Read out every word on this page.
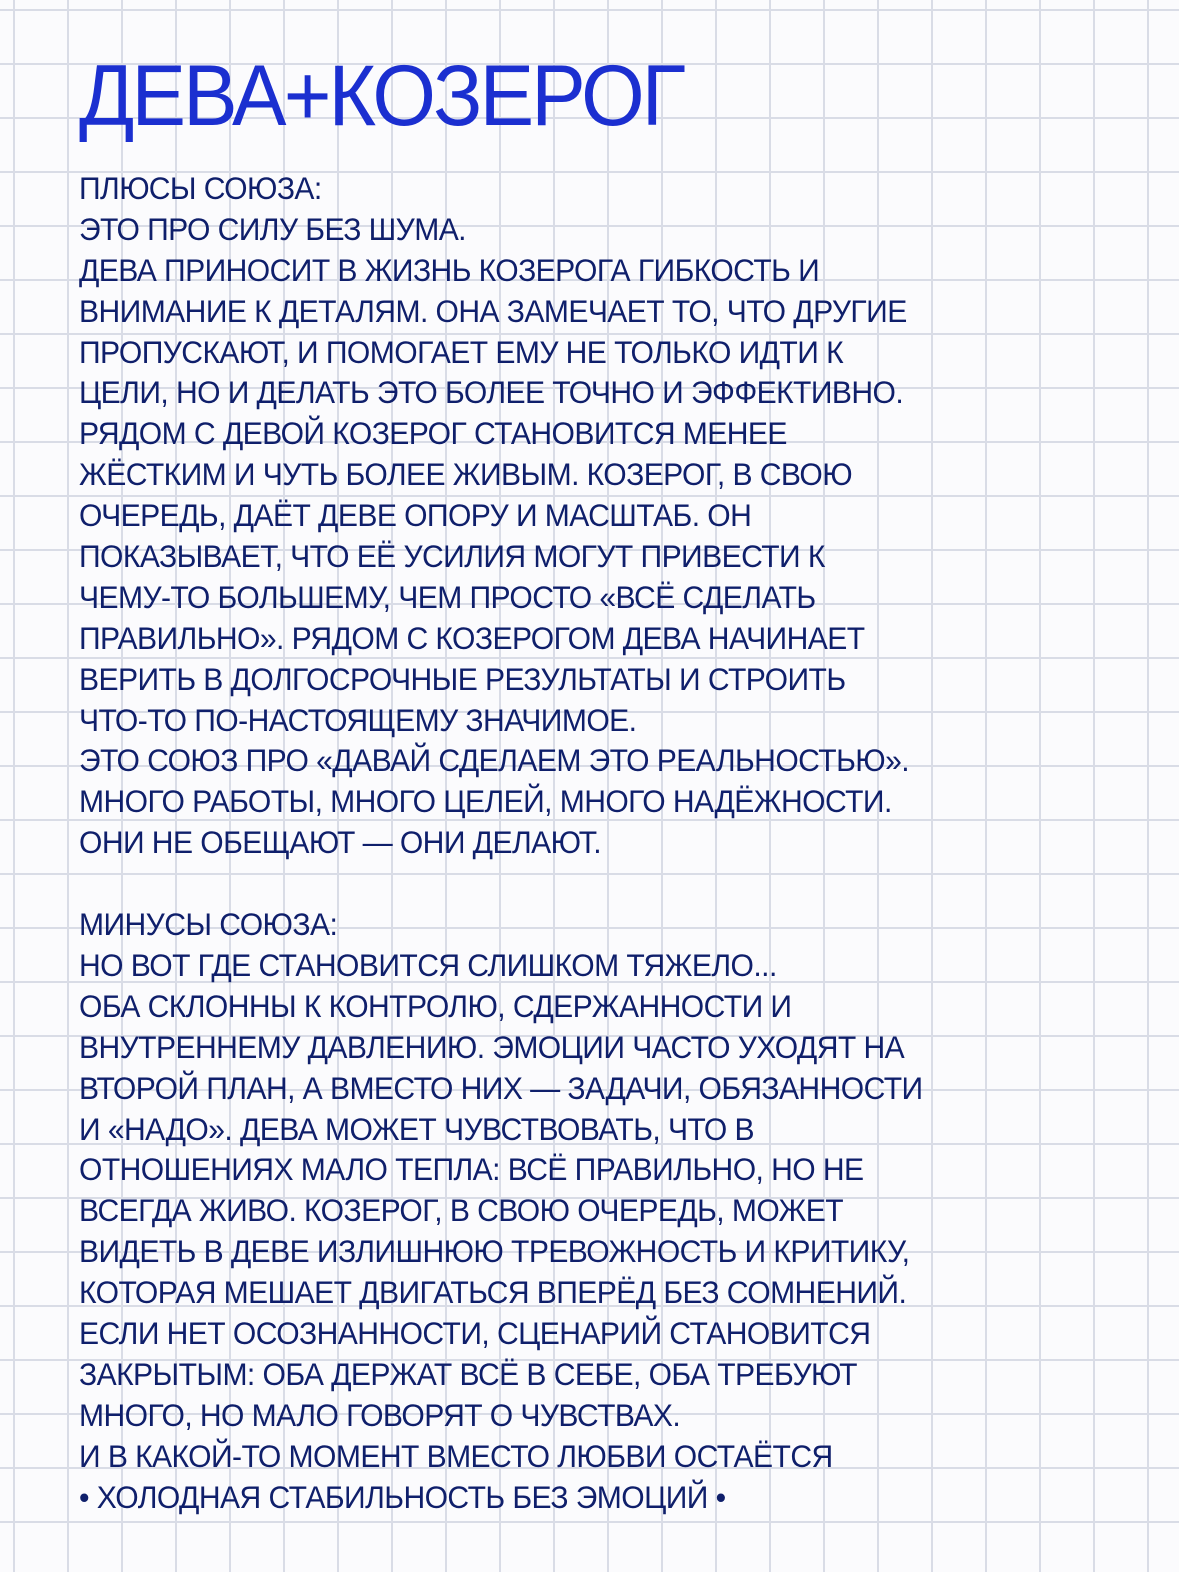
ДЕВА+КОЗЕРОГ
ПЛЮСЫ СОЮЗА:
ЭТО ПРО СИЛУ БЕЗ ШУМА.
ДЕВА ПРИНОСИТ В ЖИЗНЬ КОЗЕРОГА ГИБКОСТЬ И
ВНИМАНИЕ К ДЕТАЛЯМ. ОНА ЗАМЕЧАЕТ ТО, ЧТО ДРУГИЕ
ПРОПУСКАЮТ, И ПОМОГАЕТ ЕМУ НЕ ТОЛЬКО ИДТИ К
ЦЕЛИ, НО И ДЕЛАТЬ ЭТО БОЛЕЕ ТОЧНО И ЭФФЕКТИВНО.
РЯДОМ С ДЕВОЙ КОЗЕРОГ СТАНОВИТСЯ МЕНЕЕ
ЖЁСТКИМ И ЧУТЬ БОЛЕЕ ЖИВЫМ. КОЗЕРОГ, В СВОЮ
ОЧЕРЕДЬ, ДАЁТ ДЕВЕ ОПОРУ И МАСШТАБ. ОН
ПОКАЗЫВАЕТ, ЧТО ЕЁ УСИЛИЯ МОГУТ ПРИВЕСТИ К
ЧЕМУ-ТО БОЛЬШЕМУ, ЧЕМ ПРОСТО «ВСЁ СДЕЛАТЬ
ПРАВИЛЬНО». РЯДОМ С КОЗЕРОГОМ ДЕВА НАЧИНАЕТ
ВЕРИТЬ В ДОЛГОСРОЧНЫЕ РЕЗУЛЬТАТЫ И СТРОИТЬ
ЧТО-ТО ПО-НАСТОЯЩЕМУ ЗНАЧИМОЕ.
ЭТО СОЮЗ ПРО «ДАВАЙ СДЕЛАЕМ ЭТО РЕАЛЬНОСТЬЮ».
МНОГО РАБОТЫ, МНОГО ЦЕЛЕЙ, МНОГО НАДЁЖНОСТИ.
ОНИ НЕ ОБЕЩАЮТ — ОНИ ДЕЛАЮТ.
МИНУСЫ СОЮЗА:
НО ВОТ ГДЕ СТАНОВИТСЯ СЛИШКОМ ТЯЖЕЛО...
ОБА СКЛОННЫ К КОНТРОЛЮ, СДЕРЖАННОСТИ И
ВНУТРЕННЕМУ ДАВЛЕНИЮ. ЭМОЦИИ ЧАСТО УХОДЯТ НА
ВТОРОЙ ПЛАН, А ВМЕСТО НИХ — ЗАДАЧИ, ОБЯЗАННОСТИ
И «НАДО». ДЕВА МОЖЕТ ЧУВСТВОВАТЬ, ЧТО В
ОТНОШЕНИЯХ МАЛО ТЕПЛА: ВСЁ ПРАВИЛЬНО, НО НЕ
ВСЕГДА ЖИВО. КОЗЕРОГ, В СВОЮ ОЧЕРЕДЬ, МОЖЕТ
ВИДЕТЬ В ДЕВЕ ИЗЛИШНЮЮ ТРЕВОЖНОСТЬ И КРИТИКУ,
КОТОРАЯ МЕШАЕТ ДВИГАТЬСЯ ВПЕРЁД БЕЗ СОМНЕНИЙ.
ЕСЛИ НЕТ ОСОЗНАННОСТИ, СЦЕНАРИЙ СТАНОВИТСЯ
ЗАКРЫТЫМ: ОБА ДЕРЖАТ ВСЁ В СЕБЕ, ОБА ТРЕБУЮТ
МНОГО, НО МАЛО ГОВОРЯТ О ЧУВСТВАХ.
И В КАКОЙ-ТО МОМЕНТ ВМЕСТО ЛЮБВИ ОСТАЁТСЯ
• ХОЛОДНАЯ СТАБИЛЬНОСТЬ БЕЗ ЭМОЦИЙ •
